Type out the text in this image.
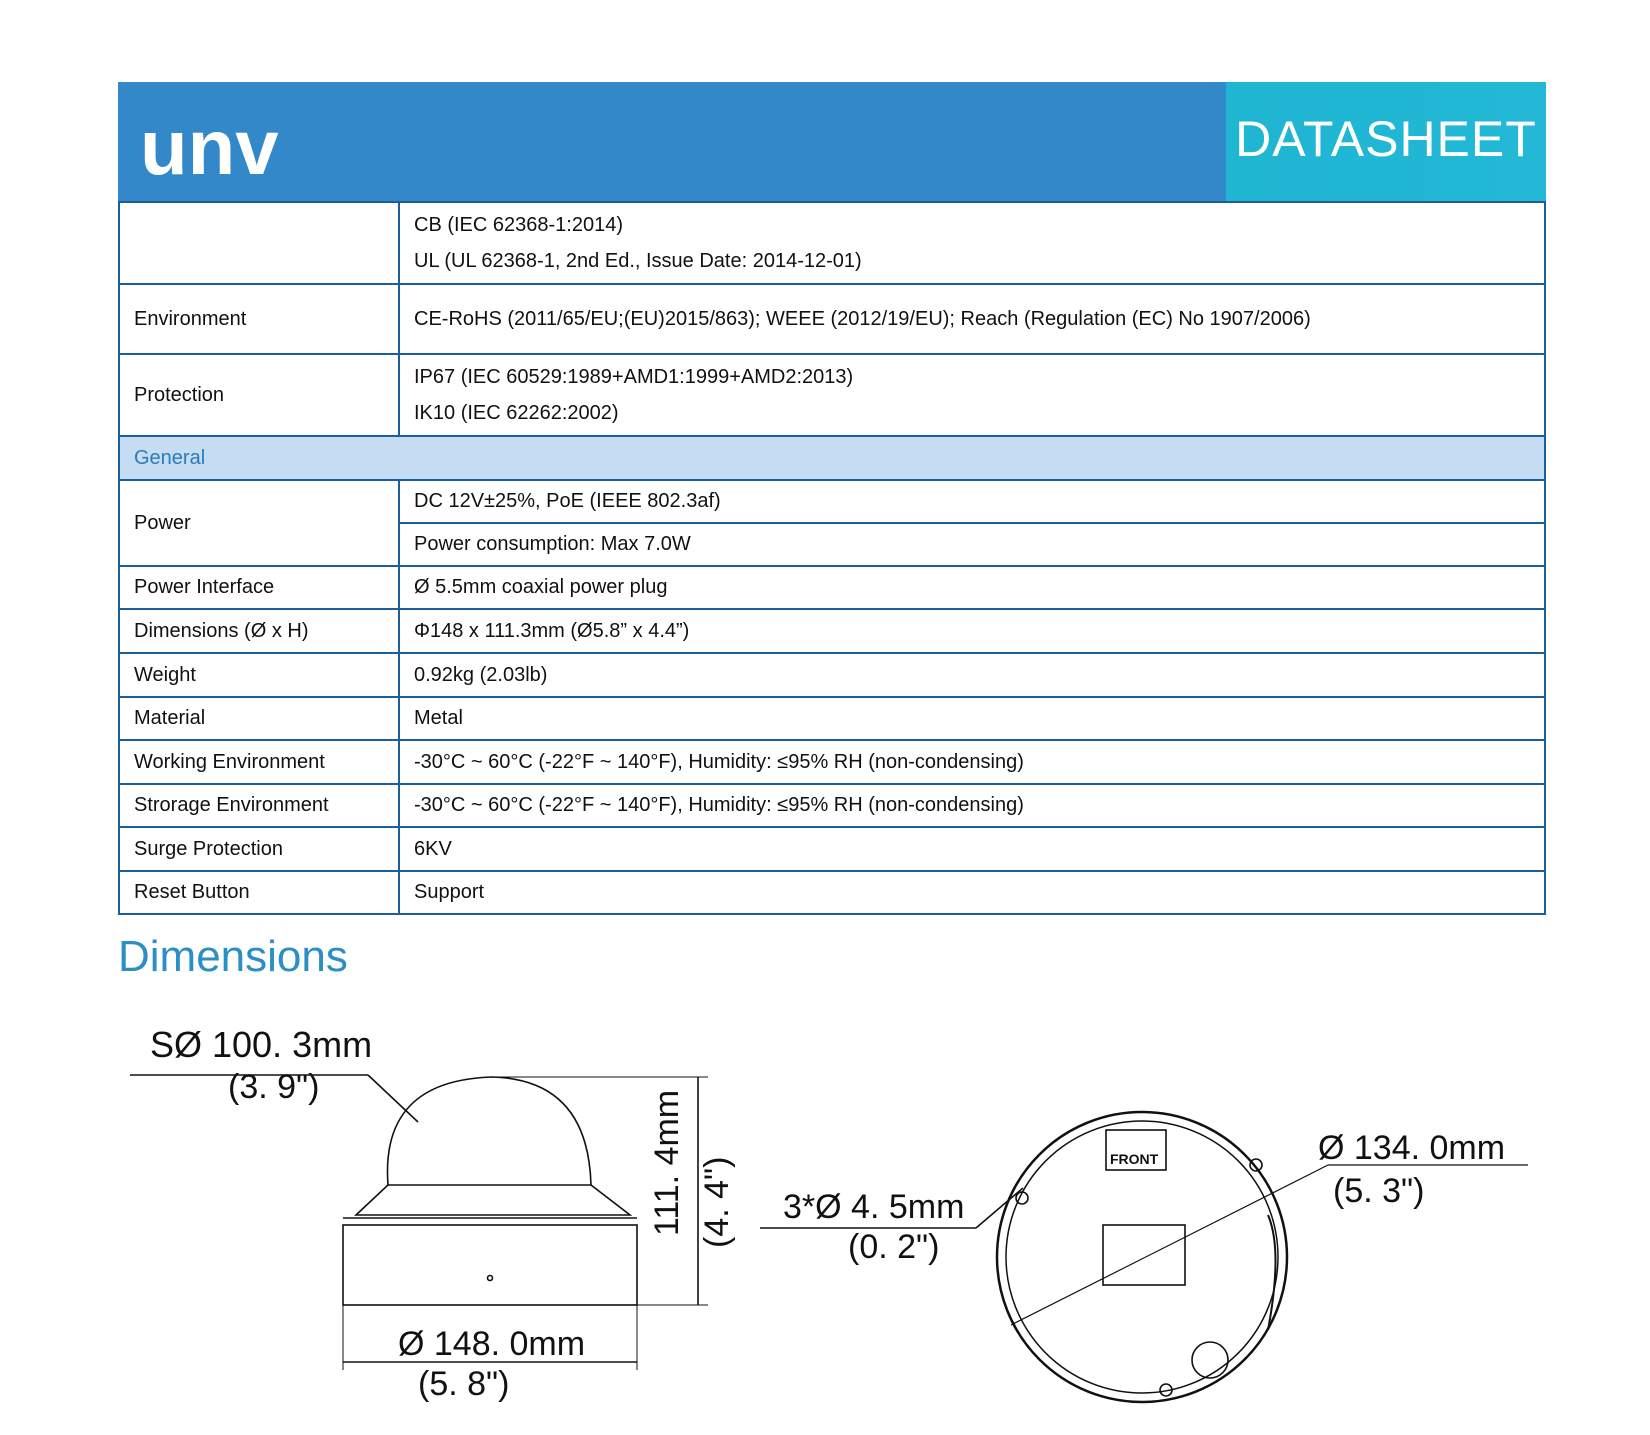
unv	DATASHEET

	CB (IEC 62368-1:2014)
UL (UL 62368-1, 2nd Ed., Issue Date: 2014-12-01)

Environment	CE-RoHS (2011/65/EU;(EU)2015/863); WEEE (2012/19/EU); Reach (Regulation (EC) No 1907/2006)
Protection	IP67 (IEC 60529:1989+AMD1:1999+AMD2:2013)
IK10 (IEC 62262:2002)

General	
Power	DC 12V±25%, PoE (IEEE 802.3af)
	Power consumption: Max 7.0W
Power Interface	Ø 5.5mm coaxial power plug
Dimensions (Ø x H)	Φ148 x 111.3mm (Ø5.8” x 4.4”)
Weight	0.92kg (2.03lb)
Material	Metal
Working Environment	-30°C ~ 60°C (-22°F ~ 140°F), Humidity: ≤95% RH (non-condensing)
Strorage Environment	-30°C ~ 60°C (-22°F ~ 140°F), Humidity: ≤95% RH (non-condensing)
Surge Protection	6KV
Reset Button	Support
Dimensions
SØ 100. 3mm
(3. 9")
111. 4mm (4. 4")
Ø 148. 0mm
(5. 8")
3*Ø 4. 5mm
(0. 2")
Ø 134. 0mm
(5. 3")
FRONT
